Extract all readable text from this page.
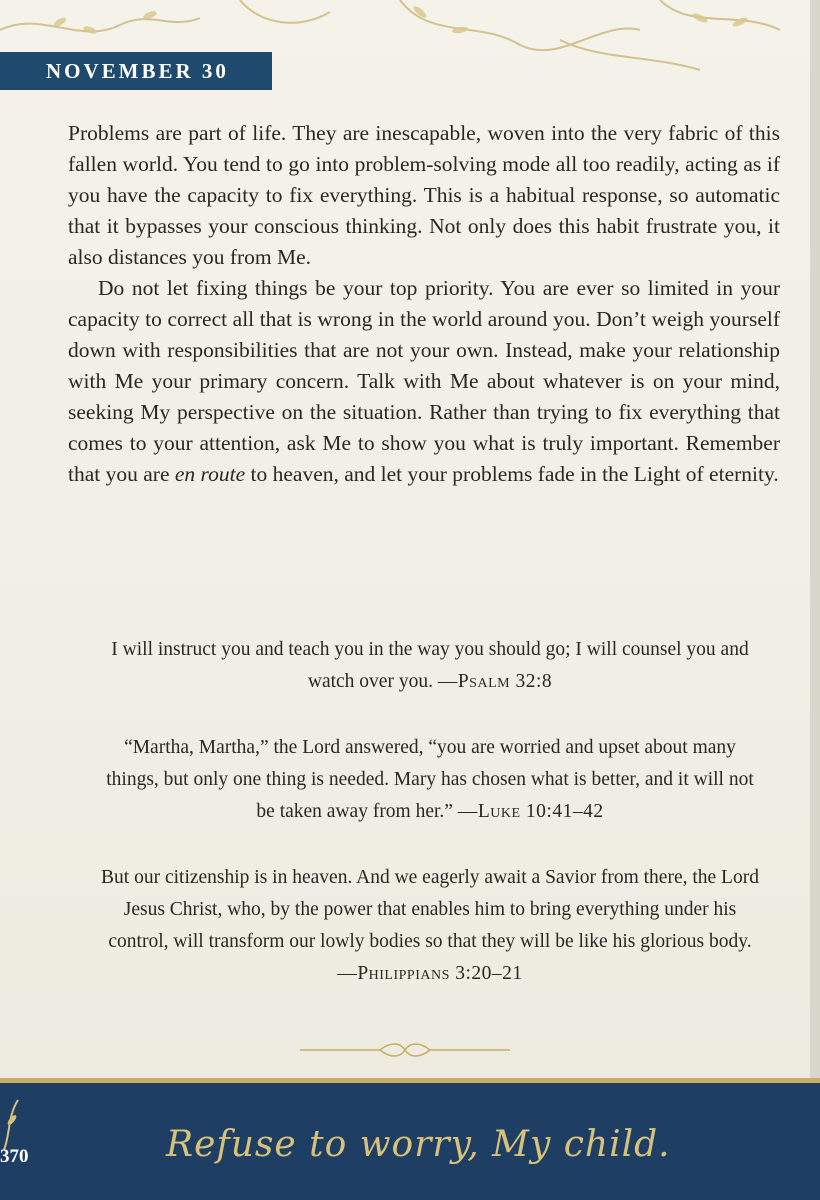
NOVEMBER 30

Problems are part of life. They are inescapable, woven into the very fabric of this fallen world. You tend to go into problem-solving mode all too readily, acting as if you have the capacity to fix everything. This is a habitual response, so automatic that it bypasses your conscious thinking. Not only does this habit frustrate you, it also distances you from Me.

Do not let fixing things be your top priority. You are ever so limited in your capacity to correct all that is wrong in the world around you. Don’t weigh yourself down with responsibilities that are not your own. Instead, make your relationship with Me your primary concern. Talk with Me about whatever is on your mind, seeking My perspective on the situation. Rather than trying to fix everything that comes to your attention, ask Me to show you what is truly important. Remember that you are en route to heaven, and let your problems fade in the Light of eternity.

I will instruct you and teach you in the way you should go; I will counsel you and watch over you. —Psalm 32:8
“Martha, Martha,” the Lord answered, “you are worried and upset about many things, but only one thing is needed. Mary has chosen what is better, and it will not be taken away from her.” —Luke 10:41–42
But our citizenship is in heaven. And we eagerly await a Savior from there, the Lord Jesus Christ, who, by the power that enables him to bring everything under his control, will transform our lowly bodies so that they will be like his glorious body. —Philippians 3:20–21
370	Refuse to worry, My child.
